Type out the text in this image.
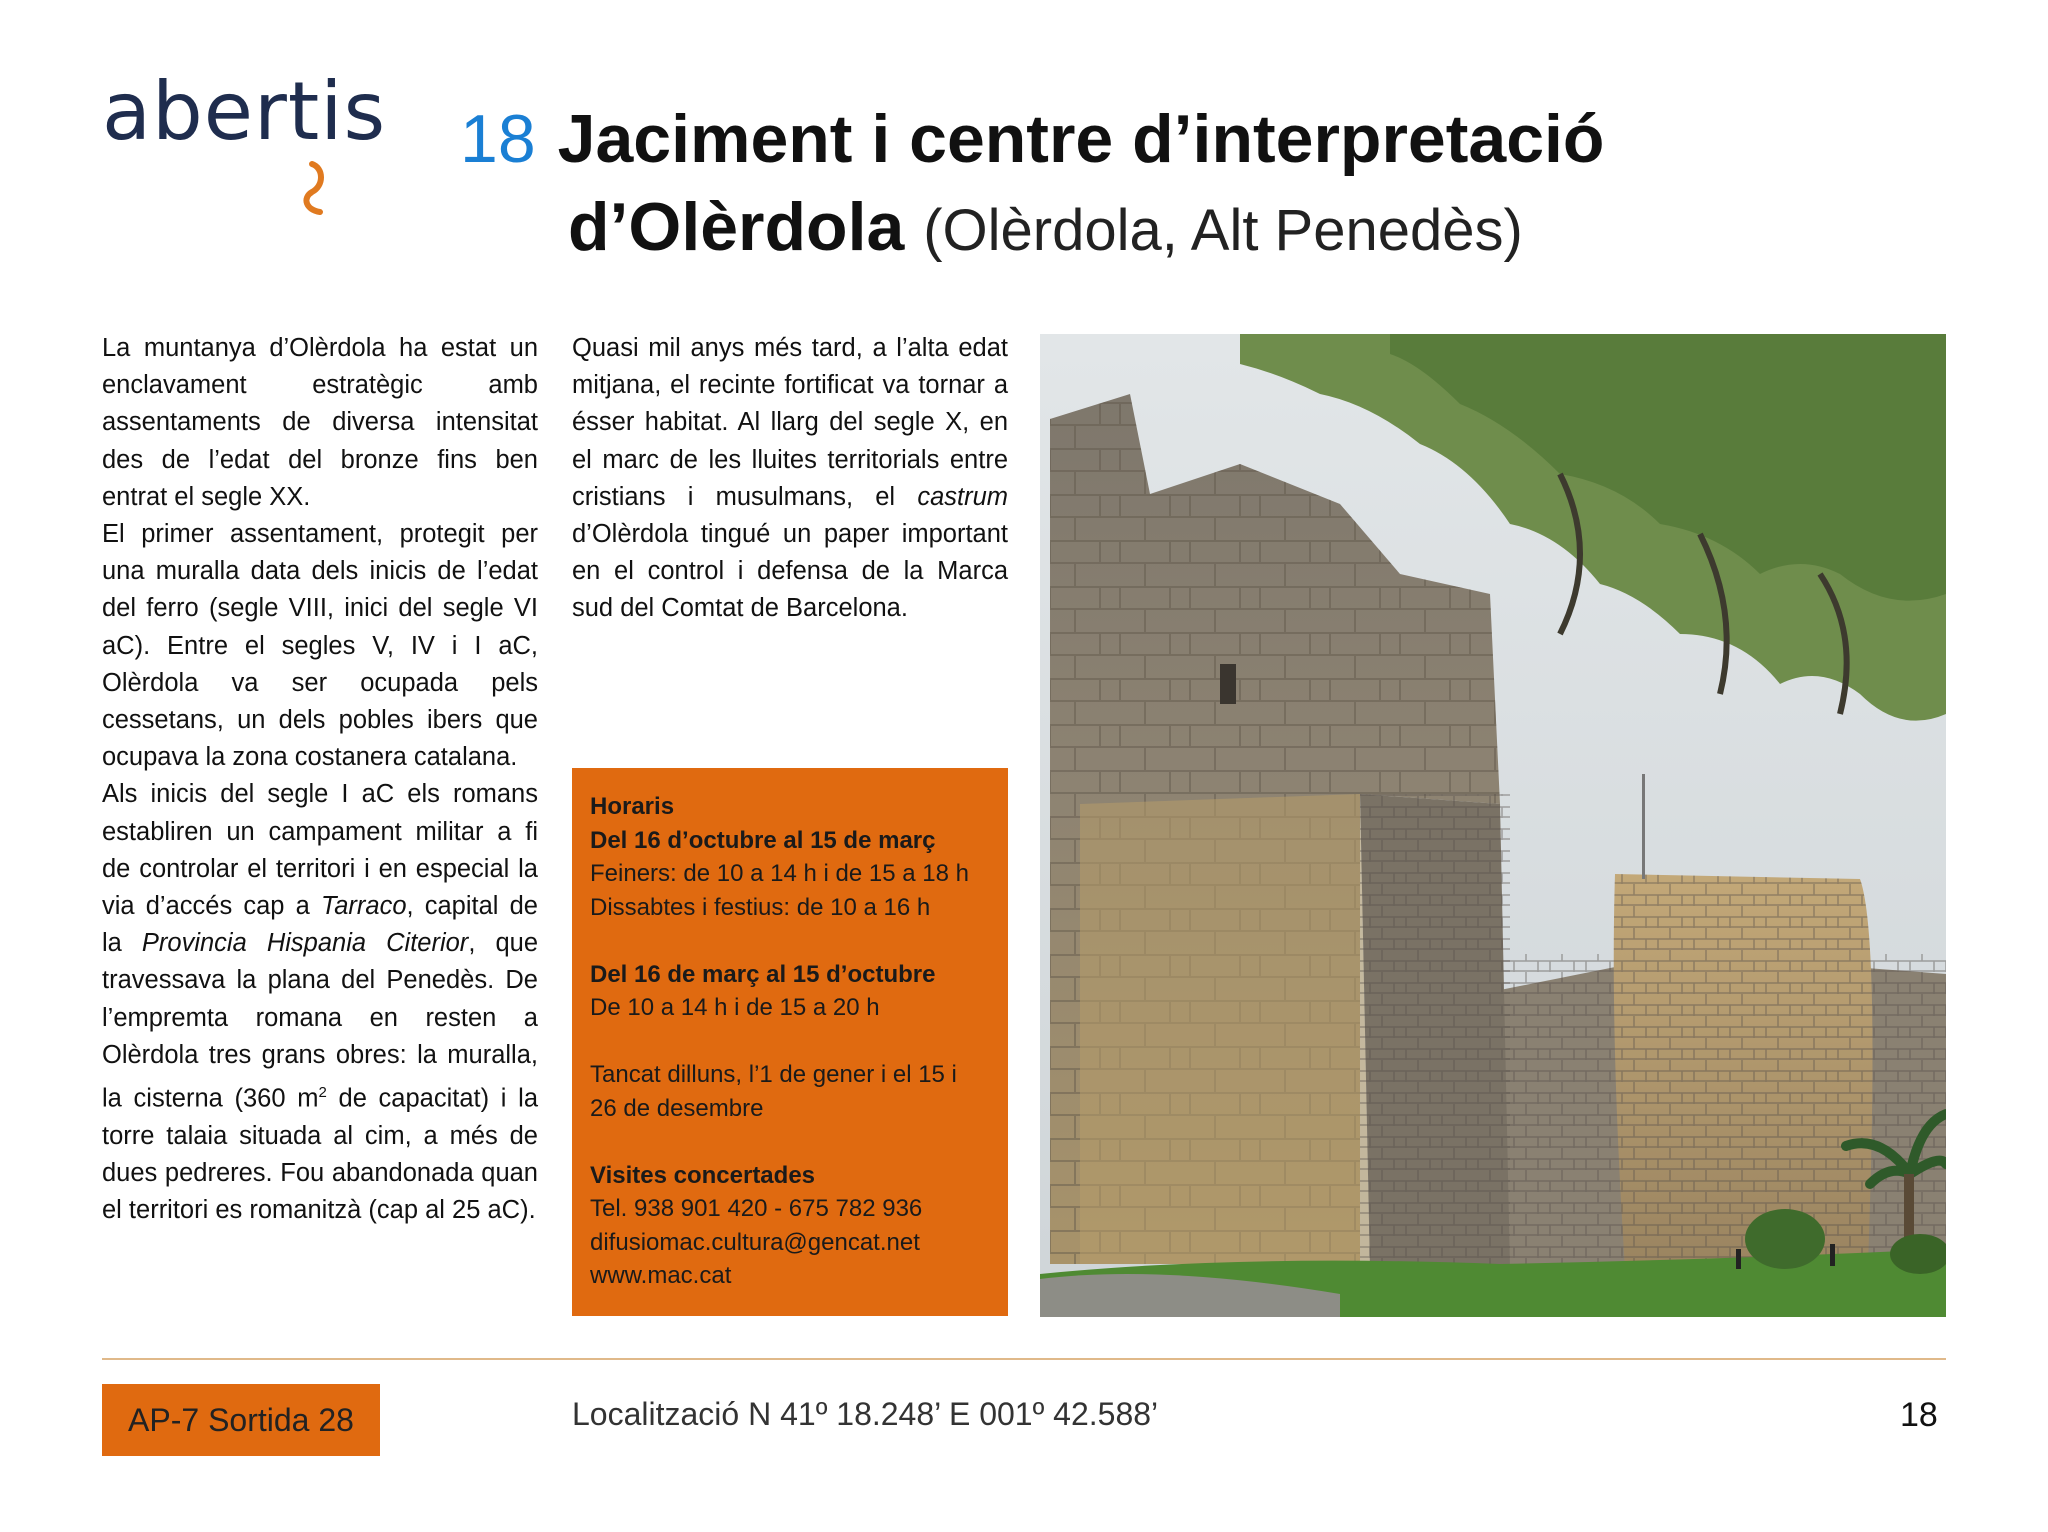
abertis 18 Jaciment i centre d’interpretació
d’Olèrdola (Olèrdola, Alt Penedès)

La muntanya d’Olèrdola ha estat un enclavament estratègic amb assentaments de diversa intensitat des de l’edat del bronze fins ben entrat el segle XX.

El primer assentament, protegit per una muralla data dels inicis de l’edat del ferro (segle VIII, inici del segle VI aC). Entre el segles V, IV i I aC, Olèrdola va ser ocupada pels cessetans, un dels pobles ibers que ocupava la zona costanera catalana.

Als inicis del segle I aC els romans establiren un campament militar a fi de controlar el territori i en especial la via d’accés cap a Tarraco, capital de la Provincia Hispania Citerior, que travessava la plana del Penedès. De l’empremta romana en resten a Olèrdola tres grans obres: la muralla, la cisterna (360 $m^2$ de capacitat) i la torre talaia situada al cim, a més de dues pedreres. Fou abandonada quan el territori es romanitzà (cap al 25 aC).

Quasi mil anys més tard, a l’alta edat mitjana, el recinte fortificat va tornar a ésser habitat. Al llarg del segle X, en el marc de les lluites territorials entre cristians i musulmans, el castrum d’Olèrdola tingué un paper important en el control i defensa de la Marca sud del Comtat de Barcelona.

Horaris
Del 16 d’octubre al 15 de març
Feiners: de 10 a 14 h i de 15 a 18 h
Dissabtes i festius: de 10 a 16 h
Del 16 de març al 15 d’octubre
De 10 a 14 h i de 15 a 20 h
Tancat dilluns, l’1 de gener i el 15 i 26 de desembre
Visites concertades
Tel. 938 901 420 - 675 782 936
difusiomac.cultura@gencat.net
www.mac.cat
AP-7 Sortida 28	Localització N 41º 18.248’ E 001º 42.588’	18
